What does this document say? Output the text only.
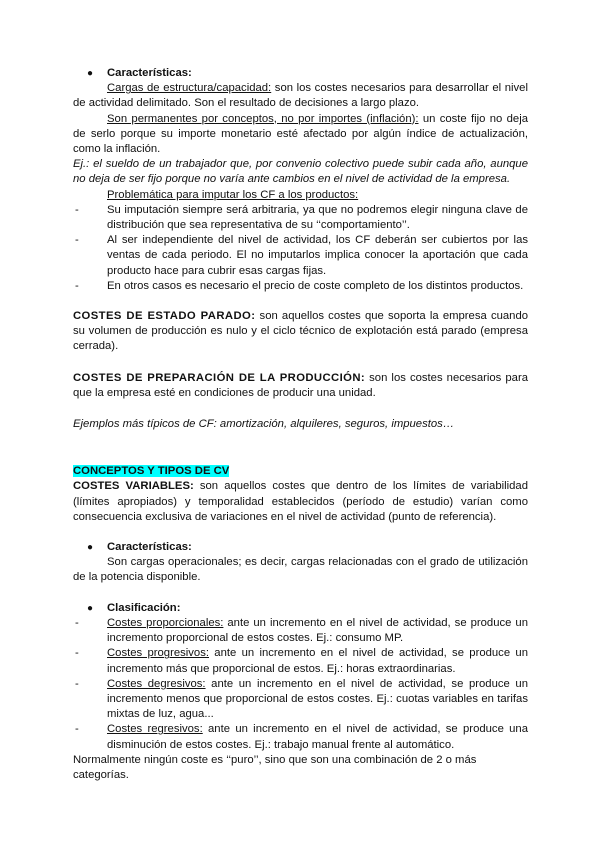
●	Características:

Cargas de estructura/capacidad: son los costes necesarios para desarrollar el nivel de actividad delimitado. Son el resultado de decisiones a largo plazo.

Son permanentes por conceptos, no por importes (inflación): un coste fijo no deja de serlo porque su importe monetario esté afectado por algún índice de actualización, como la inflación.

Ej.: el sueldo de un trabajador que, por convenio colectivo puede subir cada año, aunque no deja de ser fijo porque no varía ante cambios en el nivel de actividad de la empresa.

Problemática para imputar los CF a los productos:

-	Su imputación siempre será arbitraria, ya que no podremos elegir ninguna clave de distribución que sea representativa de su ‘‘comportamiento’’.
-	Al ser independiente del nivel de actividad, los CF deberán ser cubiertos por las ventas de cada periodo. El no imputarlos implica conocer la aportación que cada producto hace para cubrir esas cargas fijas.
-	En otros casos es necesario el precio de coste completo de los distintos productos.

COSTES DE ESTADO PARADO: son aquellos costes que soporta la empresa cuando su volumen de producción es nulo y el ciclo técnico de explotación está parado (empresa cerrada).

COSTES DE PREPARACIÓN DE LA PRODUCCIÓN: son los costes necesarios para que la empresa esté en condiciones de producir una unidad.

Ejemplos más típicos de CF: amortización, alquileres, seguros, impuestos…

CONCEPTOS Y TIPOS DE CV

COSTES VARIABLES: son aquellos costes que dentro de los límites de variabilidad (límites apropiados) y temporalidad establecidos (período de estudio) varían como consecuencia exclusiva de variaciones en el nivel de actividad (punto de referencia).

●	Características:

Son cargas operacionales; es decir, cargas relacionadas con el grado de utilización de la potencia disponible.

●	Clasificación:
-	Costes proporcionales: ante un incremento en el nivel de actividad, se produce un incremento proporcional de estos costes. Ej.: consumo MP.
-	Costes progresivos: ante un incremento en el nivel de actividad, se produce un incremento más que proporcional de estos. Ej.: horas extraordinarias.
-	Costes degresivos: ante un incremento en el nivel de actividad, se produce un incremento menos que proporcional de estos costes. Ej.: cuotas variables en tarifas mixtas de luz, agua...
-	Costes regresivos: ante un incremento en el nivel de actividad, se produce una disminución de estos costes. Ej.: trabajo manual frente al automático.

Normalmente ningún coste es ‘‘puro’’, sino que son una combinación de 2 o más categorías.
